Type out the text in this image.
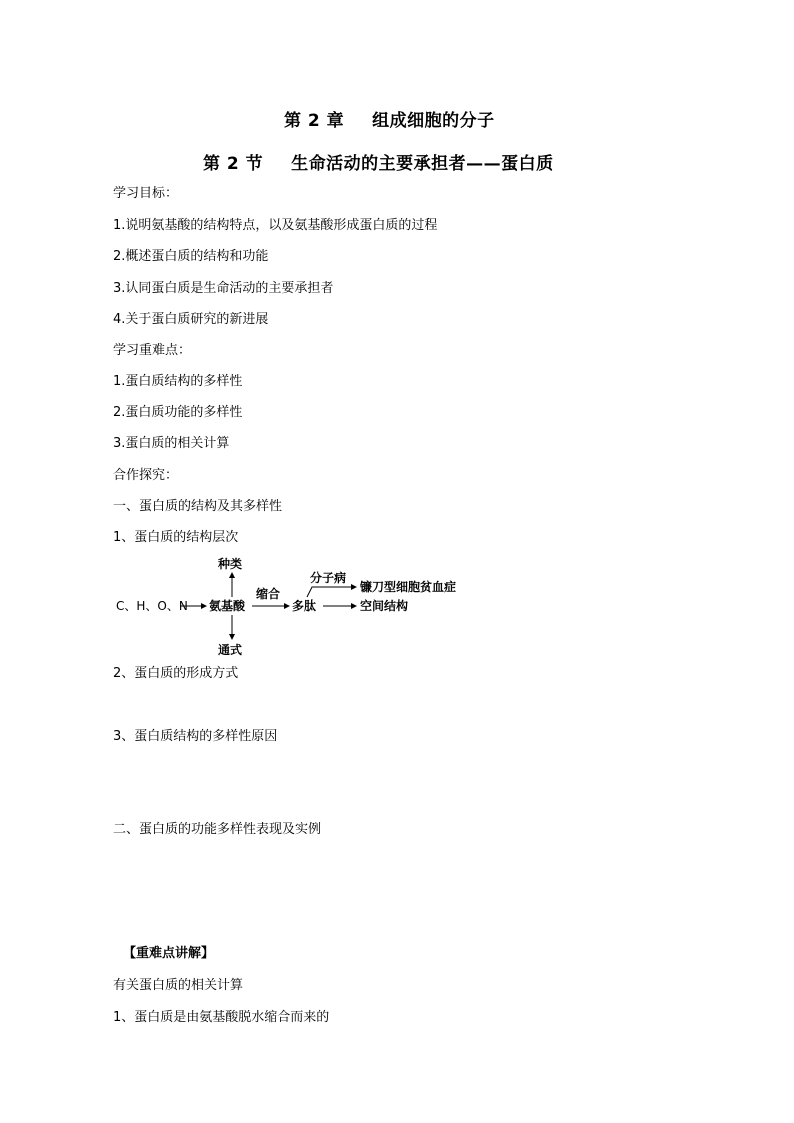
第 2 章 组成细胞的分子
第 2 节 生命活动的主要承担者——蛋白质
学习目标：
1.说明氨基酸的结构特点，以及氨基酸形成蛋白质的过程
2.概述蛋白质的结构和功能
3.认同蛋白质是生命活动的主要承担者
4.关于蛋白质研究的新进展
学习重难点：
1.蛋白质结构的多样性
2.蛋白质功能的多样性
3.蛋白质的相关计算
合作探究：
一、蛋白质的结构及其多样性
1、蛋白质的结构层次
C、H、O、N 氨基酸
种类
通式
缩合
多肽
分子病
镰刀型细胞贫血症
空间结构
2、蛋白质的形成方式
3、蛋白质结构的多样性原因
二、蛋白质的功能多样性表现及实例
【重难点讲解】
有关蛋白质的相关计算
1、蛋白质是由氨基酸脱水缩合而来的
